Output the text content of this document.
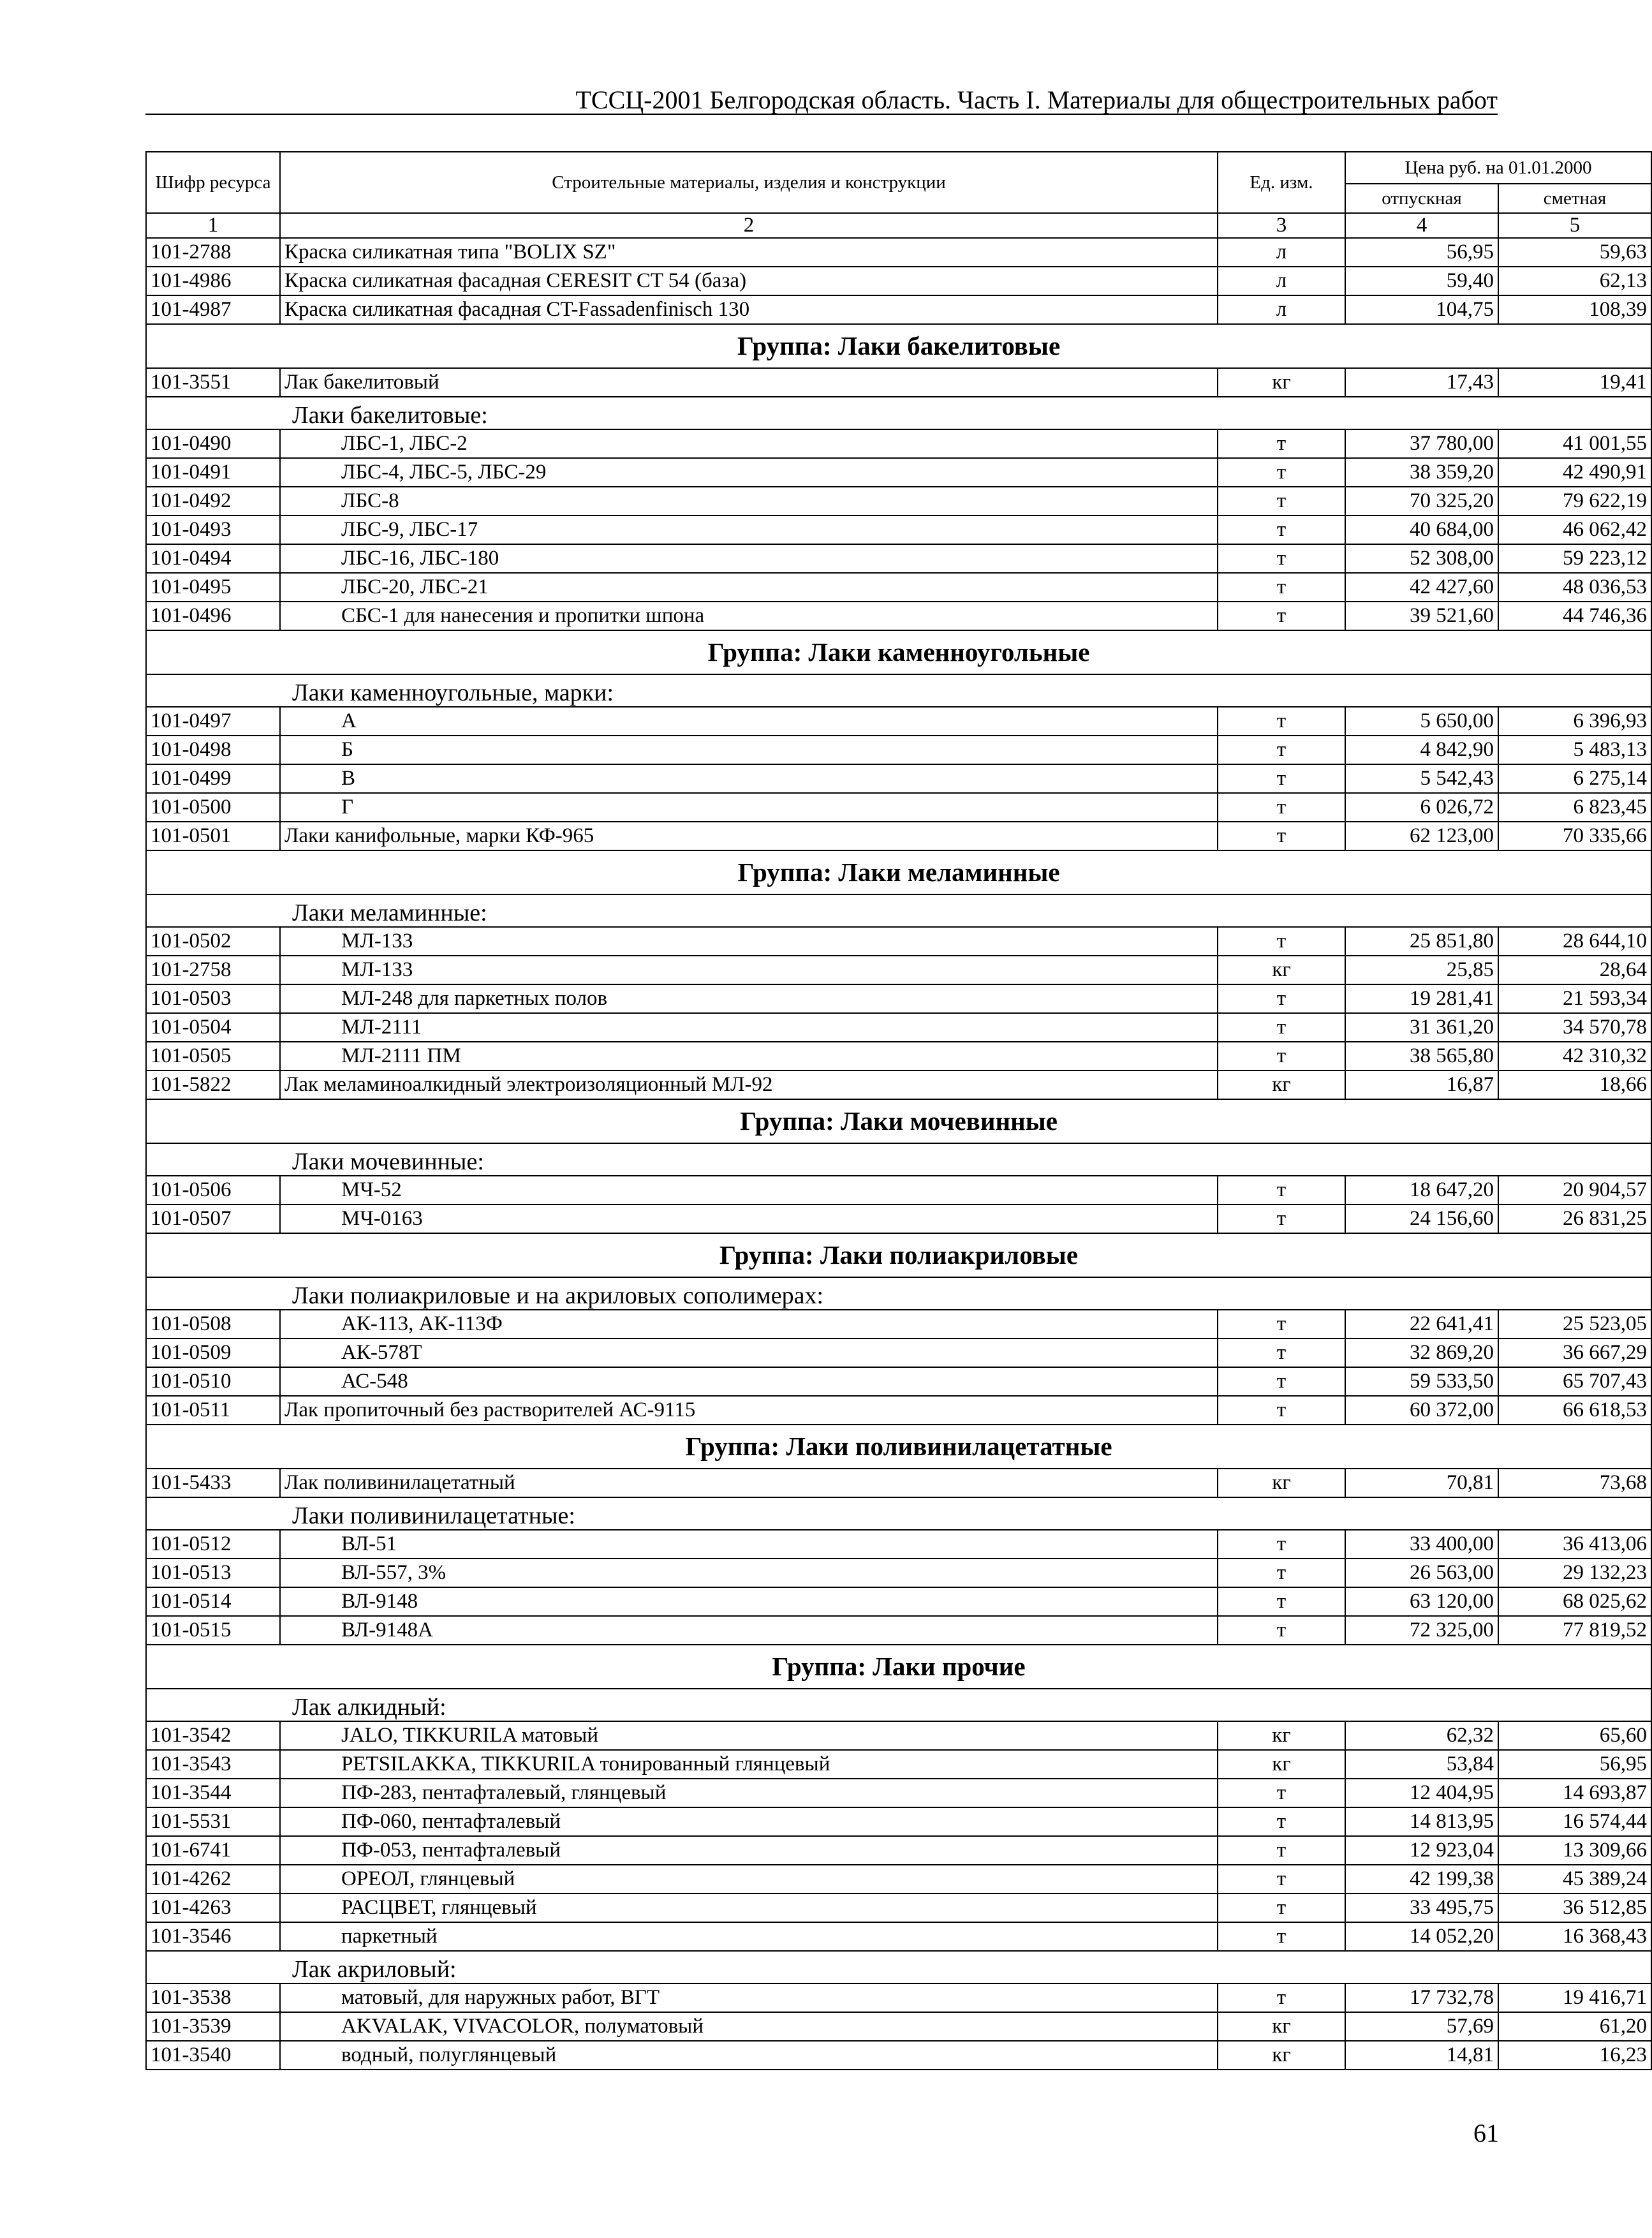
ТССЦ-2001 Белгородская область. Часть I. Материалы для общестроительных работ
Шифр ресурса	Строительные материалы, изделия и конструкции	Ед. изм.	Цена руб. на 01.01.2000	
			отпускная	сметная
1	2	3	4	5
101-2788	Краска силикатная типа "BOLIX SZ"	л	56,95	59,63
101-4986	Краска силикатная фасадная CERESIT CT 54 (база)	л	59,40	62,13
101-4987	Краска силикатная фасадная CT-Fassadenfinisch 130	л	104,75	108,39
Группа: Лаки бакелитовые				
101-3551	Лак бакелитовый	кг	17,43	19,41
Лаки бакелитовые:				
101-0490	ЛБС-1, ЛБС-2	т	37 780,00	41 001,55
101-0491	ЛБС-4, ЛБС-5, ЛБС-29	т	38 359,20	42 490,91
101-0492	ЛБС-8	т	70 325,20	79 622,19
101-0493	ЛБС-9, ЛБС-17	т	40 684,00	46 062,42
101-0494	ЛБС-16, ЛБС-180	т	52 308,00	59 223,12
101-0495	ЛБС-20, ЛБС-21	т	42 427,60	48 036,53
101-0496	СБС-1 для нанесения и пропитки шпона	т	39 521,60	44 746,36
Группа: Лаки каменноугольные				
Лаки каменноугольные, марки:				
101-0497	А	т	5 650,00	6 396,93
101-0498	Б	т	4 842,90	5 483,13
101-0499	В	т	5 542,43	6 275,14
101-0500	Г	т	6 026,72	6 823,45
101-0501	Лаки канифольные, марки КФ-965	т	62 123,00	70 335,66
Группа: Лаки меламинные				
Лаки меламинные:				
101-0502	МЛ-133	т	25 851,80	28 644,10
101-2758	МЛ-133	кг	25,85	28,64
101-0503	МЛ-248 для паркетных полов	т	19 281,41	21 593,34
101-0504	МЛ-2111	т	31 361,20	34 570,78
101-0505	МЛ-2111 ПМ	т	38 565,80	42 310,32
101-5822	Лак меламиноалкидный электроизоляционный МЛ-92	кг	16,87	18,66
Группа: Лаки мочевинные				
Лаки мочевинные:				
101-0506	МЧ-52	т	18 647,20	20 904,57
101-0507	МЧ-0163	т	24 156,60	26 831,25
Группа: Лаки полиакриловые				
Лаки полиакриловые и на акриловых сополимерах:				
101-0508	АК-113, АК-113Ф	т	22 641,41	25 523,05
101-0509	АК-578Т	т	32 869,20	36 667,29
101-0510	АС-548	т	59 533,50	65 707,43
101-0511	Лак пропиточный без растворителей АС-9115	т	60 372,00	66 618,53
Группа: Лаки поливинилацетатные				
101-5433	Лак поливинилацетатный	кг	70,81	73,68
Лаки поливинилацетатные:				
101-0512	ВЛ-51	т	33 400,00	36 413,06
101-0513	ВЛ-557, 3%	т	26 563,00	29 132,23
101-0514	ВЛ-9148	т	63 120,00	68 025,62
101-0515	ВЛ-9148А	т	72 325,00	77 819,52
Группа: Лаки прочие				
Лак алкидный:				
101-3542	JALO, TIKKURILA матовый	кг	62,32	65,60
101-3543	PETSILAKKA, TIKKURILA тонированный глянцевый	кг	53,84	56,95
101-3544	ПФ-283, пентафталевый, глянцевый	т	12 404,95	14 693,87
101-5531	ПФ-060, пентафталевый	т	14 813,95	16 574,44
101-6741	ПФ-053, пентафталевый	т	12 923,04	13 309,66
101-4262	ОРЕОЛ, глянцевый	т	42 199,38	45 389,24
101-4263	РАСЦВЕТ, глянцевый	т	33 495,75	36 512,85
101-3546	паркетный	т	14 052,20	16 368,43
Лак акриловый:				
101-3538	матовый, для наружных работ, ВГТ	т	17 732,78	19 416,71
101-3539	AKVALAK, VIVACOLOR, полуматовый	кг	57,69	61,20
101-3540	водный, полуглянцевый	кг	14,81	16,23
61
